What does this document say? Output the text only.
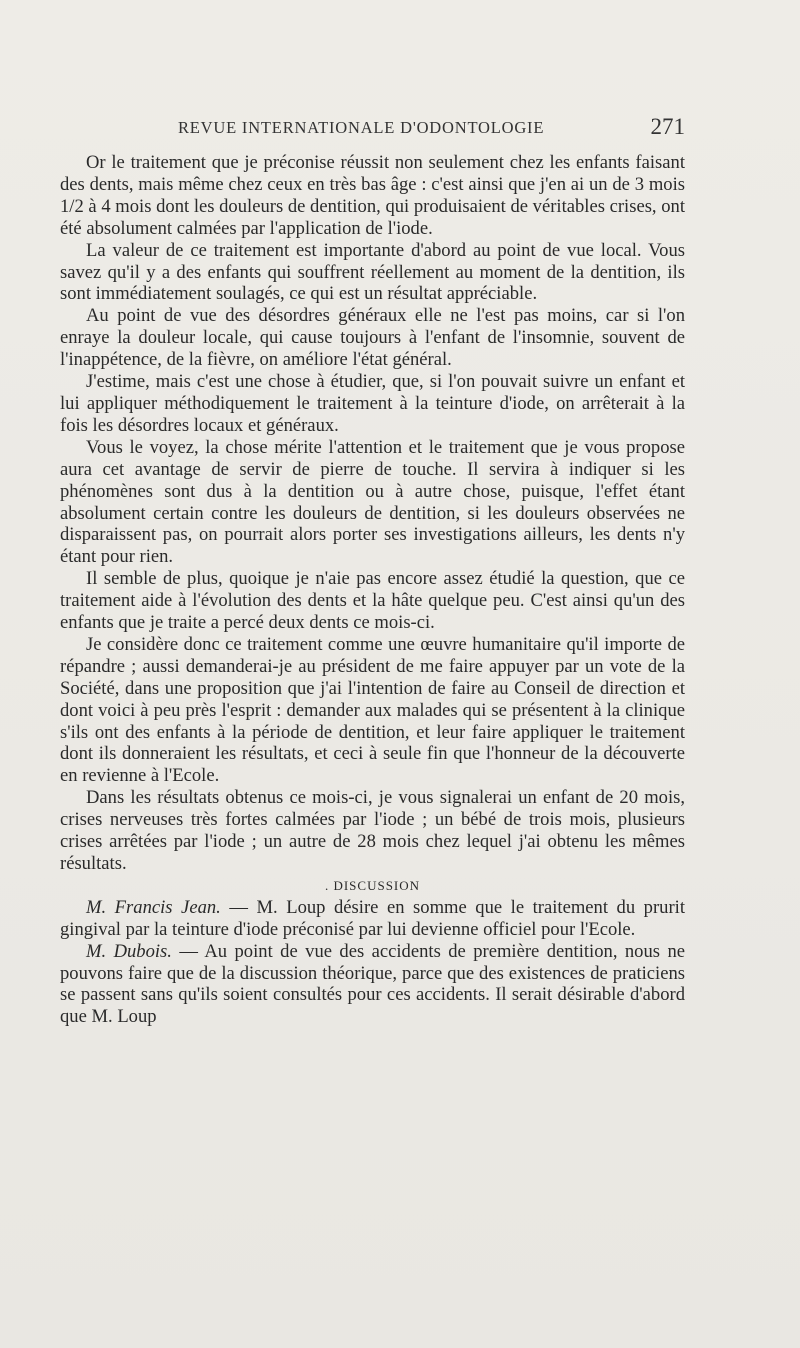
REVUE INTERNATIONALE D'ODONTOLOGIE	271

Or le traitement que je préconise réussit non seulement chez les enfants faisant des dents, mais même chez ceux en très bas âge : c'est ainsi que j'en ai un de 3 mois 1/2 à 4 mois dont les douleurs de dentition, qui produisaient de véritables crises, ont été absolument calmées par l'application de l'iode.

La valeur de ce traitement est importante d'abord au point de vue local. Vous savez qu'il y a des enfants qui souffrent réellement au moment de la dentition, ils sont immédiatement soulagés, ce qui est un résultat appréciable.

Au point de vue des désordres généraux elle ne l'est pas moins, car si l'on enraye la douleur locale, qui cause toujours à l'enfant de l'insomnie, souvent de l'inappétence, de la fièvre, on améliore l'état général.

J'estime, mais c'est une chose à étudier, que, si l'on pouvait suivre un enfant et lui appliquer méthodiquement le traitement à la teinture d'iode, on arrêterait à la fois les désordres locaux et généraux.

Vous le voyez, la chose mérite l'attention et le traitement que je vous propose aura cet avantage de servir de pierre de touche. Il servira à indiquer si les phénomènes sont dus à la dentition ou à autre chose, puisque, l'effet étant absolument certain contre les douleurs de dentition, si les douleurs observées ne disparaissent pas, on pourrait alors porter ses investigations ailleurs, les dents n'y étant pour rien.

Il semble de plus, quoique je n'aie pas encore assez étudié la question, que ce traitement aide à l'évolution des dents et la hâte quelque peu. C'est ainsi qu'un des enfants que je traite a percé deux dents ce mois-ci.

Je considère donc ce traitement comme une œuvre humanitaire qu'il importe de répandre ; aussi demanderai-je au président de me faire appuyer par un vote de la Société, dans une proposition que j'ai l'intention de faire au Conseil de direction et dont voici à peu près l'esprit : demander aux malades qui se présentent à la clinique s'ils ont des enfants à la période de dentition, et leur faire appliquer le traitement dont ils donneraient les résultats, et ceci à seule fin que l'honneur de la découverte en revienne à l'Ecole.

Dans les résultats obtenus ce mois-ci, je vous signalerai un enfant de 20 mois, crises nerveuses très fortes calmées par l'iode ; un bébé de trois mois, plusieurs crises arrêtées par l'iode ; un autre de 28 mois chez lequel j'ai obtenu les mêmes résultats.

. DISCUSSION

M. Francis Jean. — M. Loup désire en somme que le traitement du prurit gingival par la teinture d'iode préconisé par lui devienne officiel pour l'Ecole.

M. Dubois. — Au point de vue des accidents de première dentition, nous ne pouvons faire que de la discussion théorique, parce que des existences de praticiens se passent sans qu'ils soient consultés pour ces accidents. Il serait désirable d'abord que M. Loup
